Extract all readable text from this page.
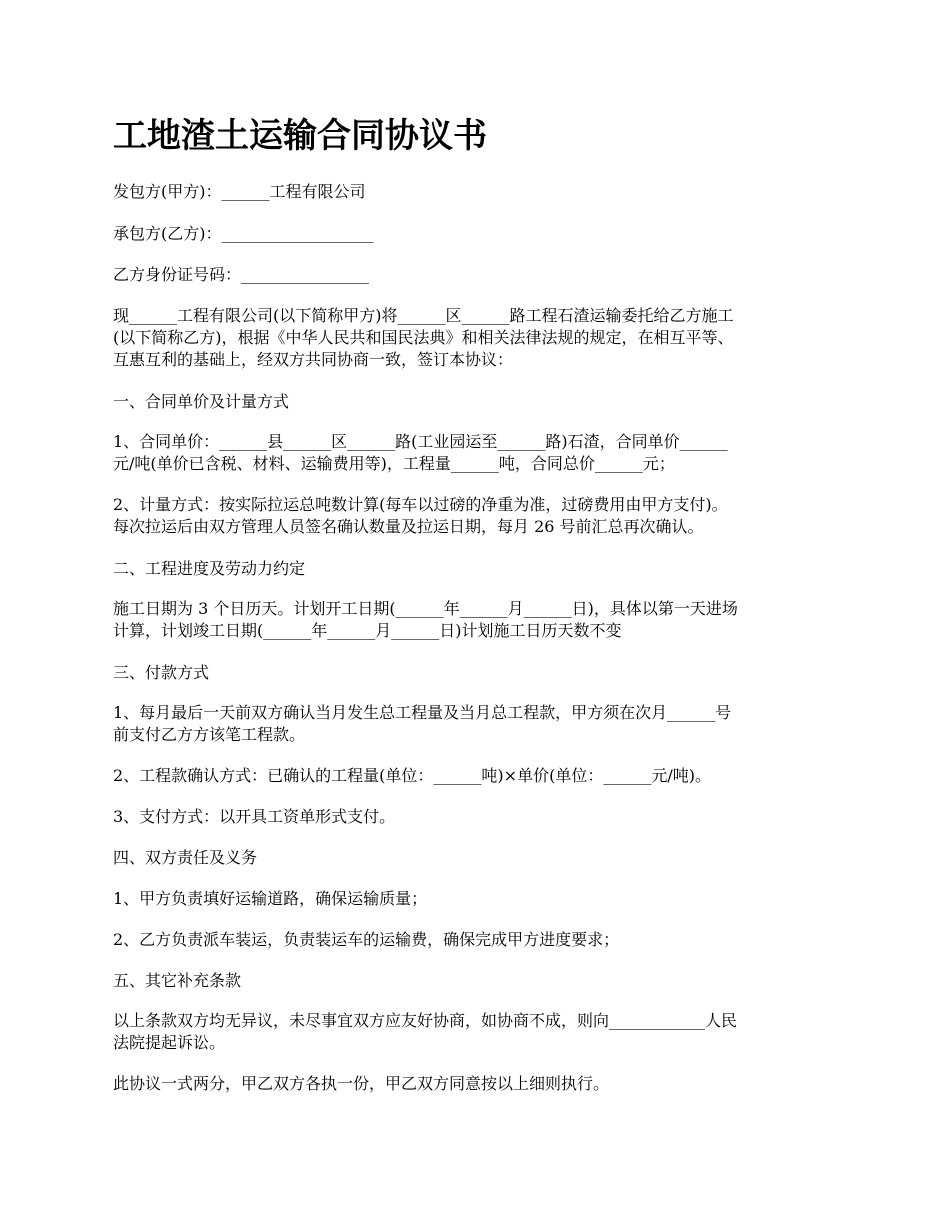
工地渣土运输合同协议书

发包方(甲方)：______工程有限公司

承包方(乙方)：___________________

乙方身份证号码：________________

现______工程有限公司(以下简称甲方)将______区______路工程石渣运输委托给乙方施工
(以下简称乙方)，根据《中华人民共和国民法典》和相关法律法规的规定，在相互平等、
互惠互利的基础上，经双方共同协商一致，签订本协议：

一、合同单价及计量方式

1、合同单价：______县______区______路(工业园运至______路)石渣，合同单价______
元/吨(单价已含税、材料、运输费用等)，工程量______吨，合同总价______元；
2、计量方式：按实际拉运总吨数计算(每车以过磅的净重为准，过磅费用由甲方支付)。
每次拉运后由双方管理人员签名确认数量及拉运日期，每月 26 号前汇总再次确认。

二、工程进度及劳动力约定

施工日期为 3 个日历天。计划开工日期(______年______月______日)，具体以第一天进场
计算，计划竣工日期(______年______月______日)计划施工日历天数不变

三、付款方式

1、每月最后一天前双方确认当月发生总工程量及当月总工程款，甲方须在次月______号
前支付乙方方该笔工程款。

2、工程款确认方式：已确认的工程量(单位：______吨)×单价(单位：______元/吨)。

3、支付方式：以开具工资单形式支付。

四、双方责任及义务

1、甲方负责填好运输道路，确保运输质量；

2、乙方负责派车装运，负责装运车的运输费，确保完成甲方进度要求；

五、其它补充条款

以上条款双方均无异议，未尽事宜双方应友好协商，如协商不成，则向____________人民
法院提起诉讼。

此协议一式两分，甲乙双方各执一份，甲乙双方同意按以上细则执行。
